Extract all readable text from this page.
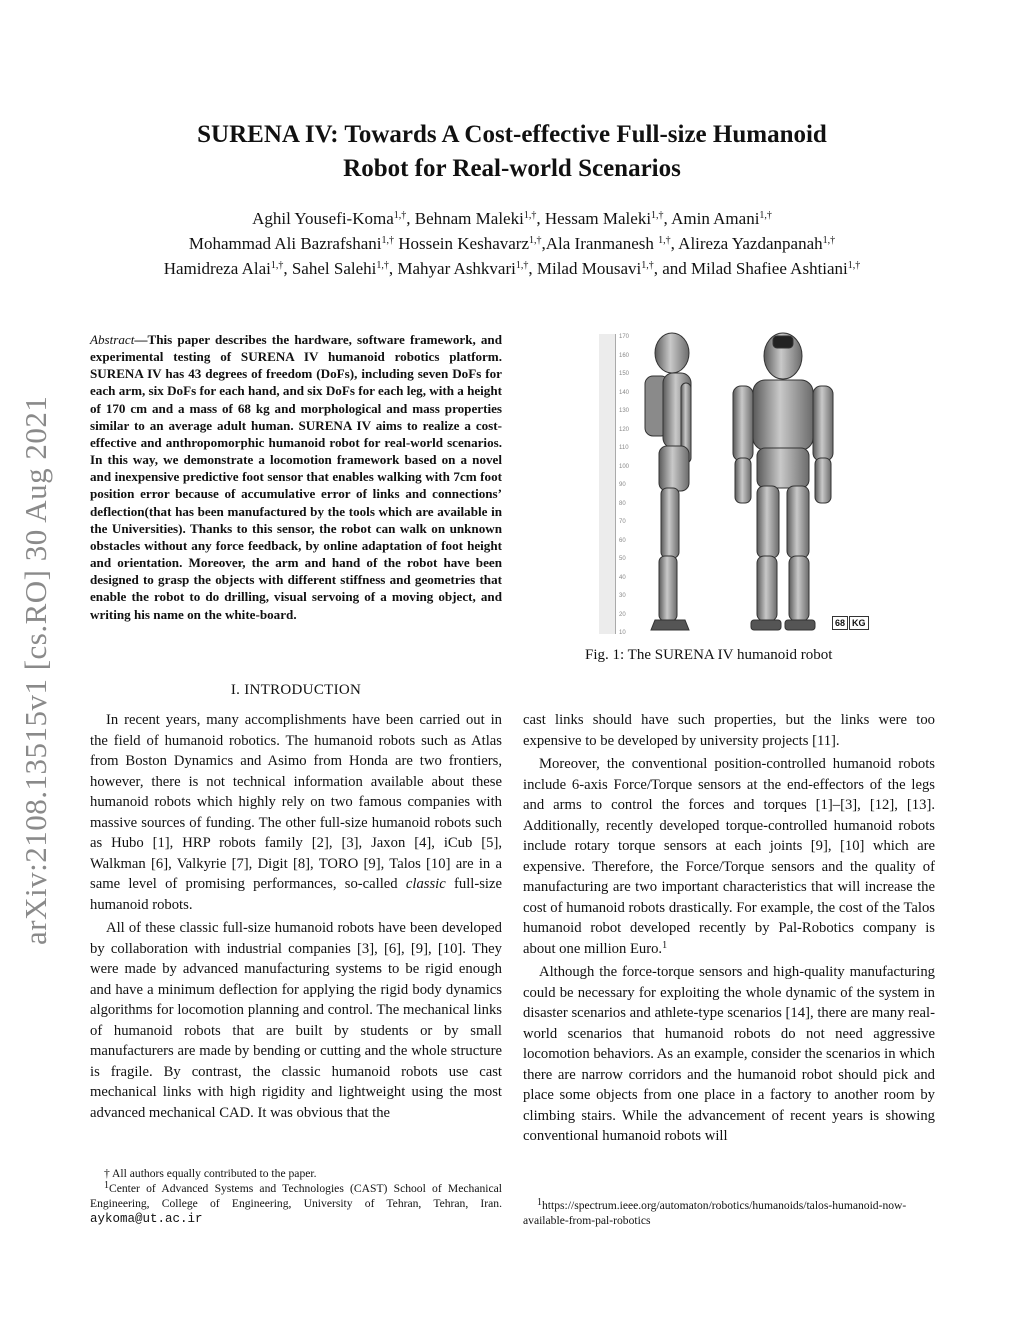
arXiv:2108.13515v1 [cs.RO] 30 Aug 2021
SURENA IV: Towards A Cost-effective Full-size Humanoid
Robot for Real-world Scenarios
Aghil Yousefi-Koma$^{1,\dagger}$, Behnam Maleki$^{1,\dagger}$, Hessam Maleki$^{1,\dagger}$, Amin Amani$^{1,\dagger}$
Mohammad Ali Bazrafshani$^{1,\dagger}$ Hossein Keshavarz$^{1,\dagger}$,Ala Iranmanesh $^{1,\dagger}$, Alireza Yazdanpanah$^{1,\dagger}$
Hamidreza Alai$^{1,\dagger}$, Sahel Salehi$^{1,\dagger}$, Mahyar Ashkvari$^{1,\dagger}$, Milad Mousavi$^{1,\dagger}$, and Milad Shafiee Ashtiani$^{1,\dagger}$
Abstract—This paper describes the hardware, software framework, and experimental testing of SURENA IV humanoid robotics platform. SURENA IV has 43 degrees of freedom (DoFs), including seven DoFs for each arm, six DoFs for each hand, and six DoFs for each leg, with a height of 170 cm and a mass of 68 kg and morphological and mass properties similar to an average adult human. SURENA IV aims to realize a cost-effective and anthropomorphic humanoid robot for real-world scenarios. In this way, we demonstrate a locomotion framework based on a novel and inexpensive predictive foot sensor that enables walking with 7cm foot position error because of accumulative error of links and connections’ deflection(that has been manufactured by the tools which are available in the Universities). Thanks to this sensor, the robot can walk on unknown obstacles without any force feedback, by online adaptation of foot height and orientation. Moreover, the arm and hand of the robot have been designed to grasp the objects with different stiffness and geometries that enable the robot to do drilling, visual servoing of a moving object, and writing his name on the white-board.
I. INTRODUCTION

In recent years, many accomplishments have been carried out in the field of humanoid robotics. The humanoid robots such as Atlas from Boston Dynamics and Asimo from Honda are two frontiers, however, there is not technical information available about these humanoid robots which highly rely on two famous companies with massive sources of funding. The other full-size humanoid robots such as Hubo [1], HRP robots family [2], [3], Jaxon [4], iCub [5], Walkman [6], Valkyrie [7], Digit [8], TORO [9], Talos [10] are in a same level of promising performances, so-called classic full-size humanoid robots.

All of these classic full-size humanoid robots have been developed by collaboration with industrial companies [3], [6], [9], [10]. They were made by advanced manufacturing systems to be rigid enough and have a minimum deflection for applying the rigid body dynamics algorithms for locomotion planning and control. The mechanical links of humanoid robots that are built by students or by small manufacturers are made by bending or cutting and the whole structure is fragile. By contrast, the classic humanoid robots use cast mechanical links with high rigidity and lightweight using the most advanced mechanical CAD. It was obvious that the

† All authors equally contributed to the paper.

$^1$Center of Advanced Systems and Technologies (CAST) School of Mechanical Engineering, College of Engineering, University of Tehran, Tehran, Iran. aykoma@ut.ac.ir

170
160
150
140
130
120
110
100
90
80
70
60
50
40
30
20
10
68 KG
Fig. 1: The SURENA IV humanoid robot

cast links should have such properties, but the links were too expensive to be developed by university projects [11].

Moreover, the conventional position-controlled humanoid robots include 6-axis Force/Torque sensors at the end-effectors of the legs and arms to control the forces and torques [1]–[3], [12], [13]. Additionally, recently developed torque-controlled humanoid robots include rotary torque sensors at each joints [9], [10] which are expensive. Therefore, the Force/Torque sensors and the quality of manufacturing are two important characteristics that will increase the cost of humanoid robots drastically. For example, the cost of the Talos humanoid robot developed recently by Pal-Robotics company is about one million Euro.$^1$

Although the force-torque sensors and high-quality manufacturing could be necessary for exploiting the whole dynamic of the system in disaster scenarios and athlete-type scenarios [14], there are many real-world scenarios that humanoid robots do not need aggressive locomotion behaviors. As an example, consider the scenarios in which there are narrow corridors and the humanoid robot should pick and place some objects from one place in a factory to another room by climbing stairs. While the advancement of recent years is showing conventional humanoid robots will

$^1$https://spectrum.ieee.org/automaton/robotics/humanoids/talos-humanoid-now-available-from-pal-robotics
